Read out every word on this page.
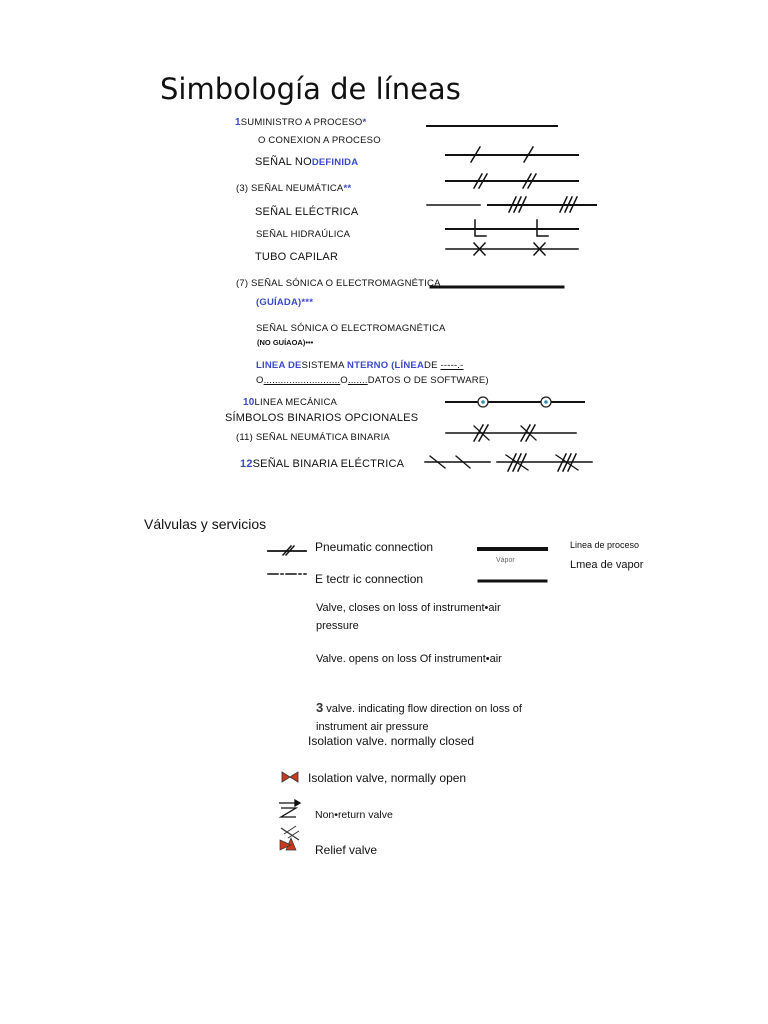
Simbología de líneas
1SUMINISTRO A PROCESO*
O CONEXION A PROCESO
SEÑAL NODEFINIDA
(3) SEÑAL NEUMÁTICA**
SEÑAL ELÉCTRICA
SEÑAL HIDRAÚLICA
TUBO CAPILAR
(7) SEÑAL SÓNICA O ELECTROMAGNÉTICA
(GUÍADA)***
SEÑAL SÓNICA O ELECTROMAGNÉTICA
(NO GUÍAOA)•••
LINEA DESISTEMA NTERNO (LÍNEADE -----.-
O...........................O.......DATOS O DE SOFTWARE)
10LINEA MECÁNICA
SÍMBOLOS BINARIOS OPCIONALES
(11) SEÑAL NEUMÁTICA BINARIA
12SEÑAL BINARIA ELÉCTRICA
Válvulas y servicios
Pneumatic connection
E tectr ic connection
Vápor
Linea de proceso
Lmea de vapor
Valve, closes on loss of instrument•air
pressure
Valve. opens on loss Of instrument•air
3 valve. indicating flow direction on loss of
instrument air pressure
Isolation valve. normally closed
Isolation valve, normally open
Non•return valve
Relief valve
